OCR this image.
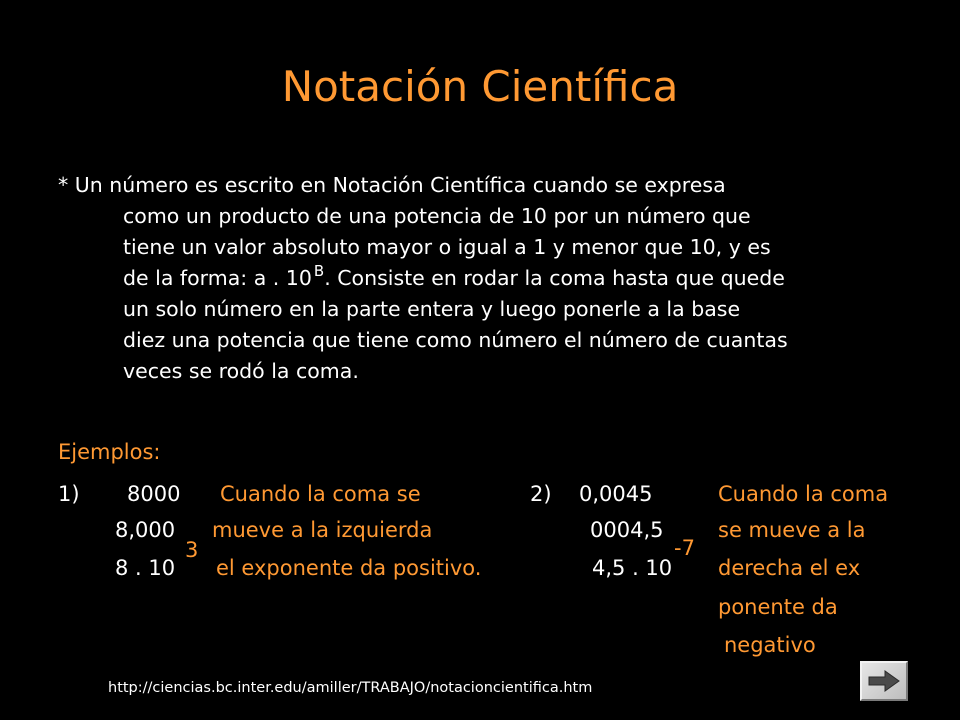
Notación Científica
* Un número es escrito en Notación Científica cuando se expresa
como un producto de una potencia de 10 por un número que
tiene un valor absoluto mayor o igual a 1 y menor que 10, y es
de la forma: a . 10 $^B$. Consiste en rodar la coma hasta que quede
un solo número en la parte entera y luego ponerle a la base
diez una potencia que tiene como número el número de cuantas
veces se rodó la coma.
Ejemplos:
1) 8000 Cuando la coma se
8,000 mueve a la izquierda
8 . 10
3
el exponente da positivo.
2) 0,0045	Cuando la coma
0004,5	se mueve a la
4,5 . 10
-7
derecha el ex
ponente da
negativo
http://ciencias.bc.inter.edu/amiller/TRABAJO/notacioncientifica.htm
